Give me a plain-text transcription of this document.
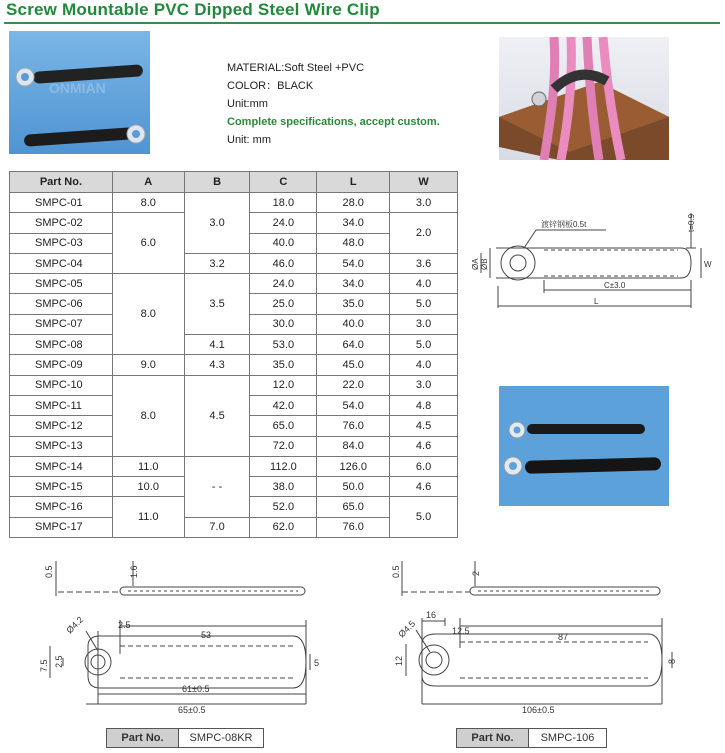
Screw Mountable PVC Dipped Steel Wire Clip
ONMIAN
MATERIAL:Soft Steel +PVC
COLOR：BLACK
Unit:mm
Complete specifications, accept custom.
Unit: mm
Part No.	A	B	C	L	W
SMPC-01	8.0	3.0	18.0	28.0	3.0
SMPC-02	6.0		24.0	34.0	2.0
SMPC-03			40.0	48.0	
SMPC-04		3.2	46.0	54.0	3.6
SMPC-05	8.0	3.5	24.0	34.0	4.0
SMPC-06			25.0	35.0	5.0
SMPC-07			30.0	40.0	3.0
SMPC-08		4.1	53.0	64.0	5.0
SMPC-09	9.0	4.3	35.0	45.0	4.0
SMPC-10	8.0	4.5	12.0	22.0	3.0
SMPC-11			42.0	54.0	4.8
SMPC-12			65.0	76.0	4.5
SMPC-13			72.0	84.0	4.6
SMPC-14	11.0	- -	112.0	126.0	6.0
SMPC-15	10.0		38.0	50.0	4.6
SMPC-16	11.0		52.0	65.0	5.0
SMPC-17		7.0	62.0	76.0	
渡锌钢板0.5t	t=0.9
ØA ØB
C±3.0
L
W
0.5	1.6
Ø4.2	2.5
53
7.5 2.5	5
61±0.5
65±0.5
0.5	2
16
12.5
Ø4.5	87
12	8
106±0.5
Part No.	SMPC-08KR	Part No.	SMPC-106
